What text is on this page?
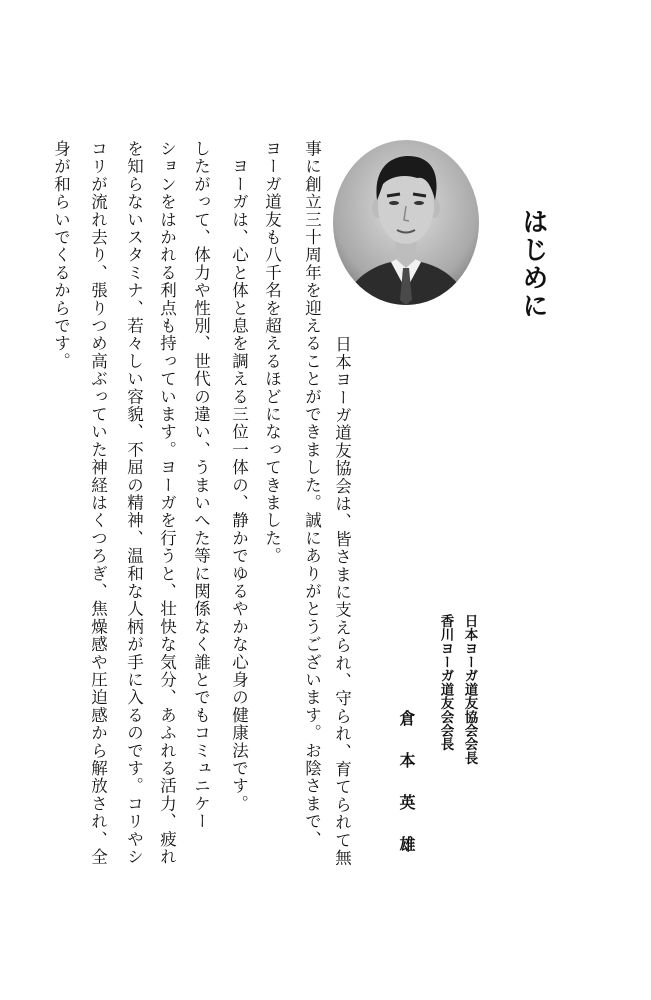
はじめに
日本ヨーガ道友協会会長
香川ヨーガ道友会会長
倉本英雄
　日本ヨーガ道友協会は、皆さまに支えられ、守られ、育てられて無
事に創立三十周年を迎えることができました。誠にありがとうございます。お陰さまで、
ヨーガ道友も八千名を超えるほどになってきました。
　ヨーガは、心と体と息を調える三位一体の、静かでゆるやかな心身の健康法です。
したがって、体力や性別、世代の違い、うまいへた等に関係なく誰とでもコミュニケー
ションをはかれる利点も持っています。ヨーガを行うと、壮快な気分、あふれる活力、疲れ
を知らないスタミナ、若々しい容貌、不屈の精神、温和な人柄が手に入るのです。コリやシ
コリが流れ去り、張りつめ高ぶっていた神経はくつろぎ、焦燥感や圧迫感から解放され、全
身が和らいでくるからです。
